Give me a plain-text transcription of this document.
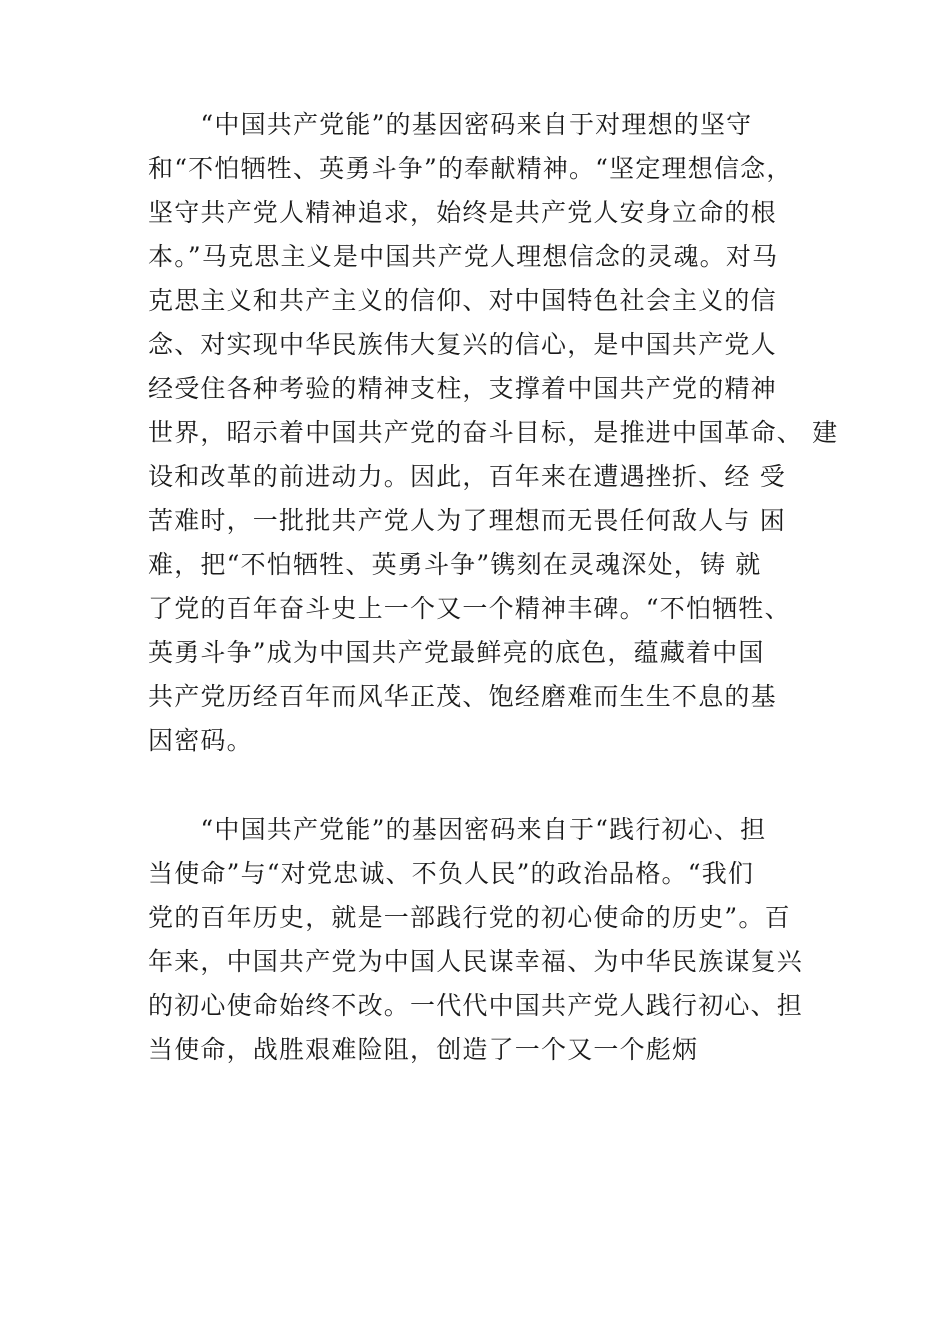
　　“中国共产党能”的基因密码来自于对理想的坚守
和“不怕牺牲、英勇斗争”的奉献精神。“坚定理想信念，
坚守共产党人精神追求，始终是共产党人安身立命的根
本。”马克思主义是中国共产党人理想信念的灵魂。对马
克思主义和共产主义的信仰、对中国特色社会主义的信
念、对实现中华民族伟大复兴的信心，是中国共产党人
经受住各种考验的精神支柱，支撑着中国共产党的精神
世界，昭示着中国共产党的奋斗目标，是推进中国革命、 建
设和改革的前进动力。因此，百年来在遭遇挫折、经 受
苦难时，一批批共产党人为了理想而无畏任何敌人与 困
难，把“不怕牺牲、英勇斗争”镌刻在灵魂深处，铸 就
了党的百年奋斗史上一个又一个精神丰碑。“不怕牺牲、
英勇斗争”成为中国共产党最鲜亮的底色，蕴藏着中国
共产党历经百年而风华正茂、饱经磨难而生生不息的基
因密码。
　　“中国共产党能”的基因密码来自于“践行初心、担
当使命”与“对党忠诚、不负人民”的政治品格。“我们
党的百年历史，就是一部践行党的初心使命的历史”。百
年来，中国共产党为中国人民谋幸福、为中华民族谋复兴
的初心使命始终不改。一代代中国共产党人践行初心、担
当使命，战胜艰难险阻，创造了一个又一个彪炳
